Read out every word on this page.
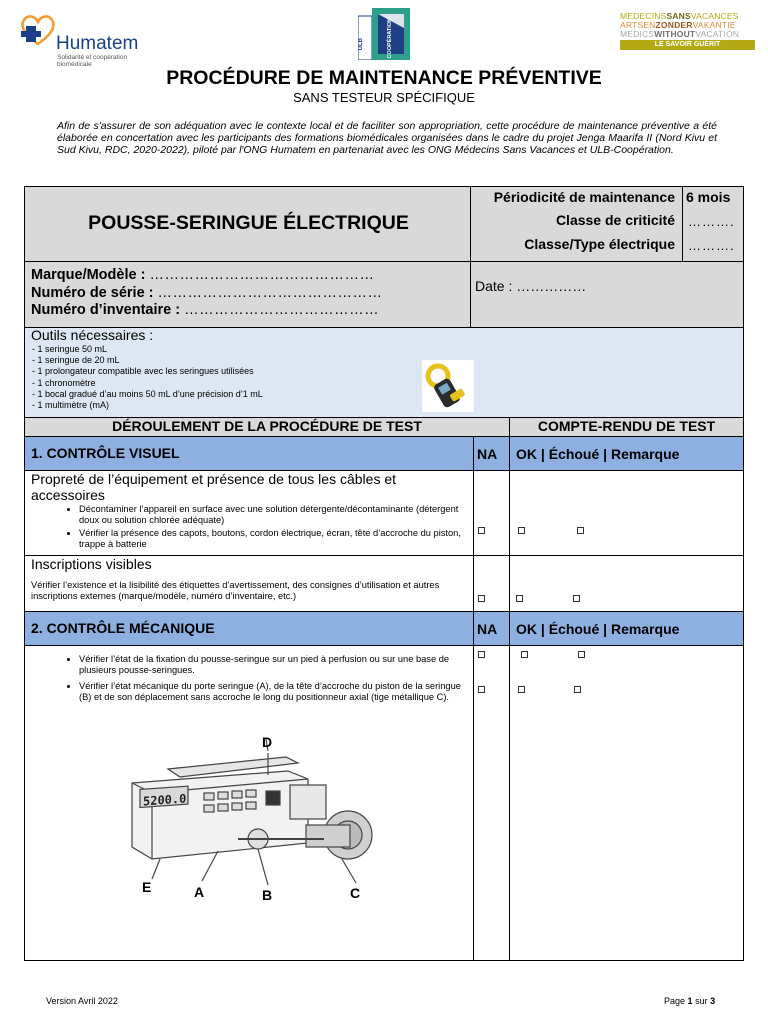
Humatem
Solidarité et coopération biomédicale
ULB	COOPÉRATION
MEDECINSSANSVACANCES
ARTSENZONDERVAKANTIE
MEDICSWITHOUTVACATION
LE SAVOIR GUÉRIT
PROCÉDURE DE MAINTENANCE PRÉVENTIVE
SANS TESTEUR SPÉCIFIQUE
Afin de s'assurer de son adéquation avec le contexte local et de faciliter son appropriation, cette procédure de maintenance préventive a été élaborée en concertation avec les participants des formations biomédicales organisées dans le cadre du projet Jenga Maarifa II (Nord Kivu et Sud Kivu, RDC, 2020-2022), piloté par l'ONG Humatem en partenariat avec les ONG Médecins Sans Vacances et ULB-Coopération.
POUSSE-SERINGUE ÉLECTRIQUE
Périodicité de maintenance 6 mois
Classe de criticité ……….
Classe/Type électrique ……….
Marque/Modèle : ………………………………………
Numéro de série : ………………………………………
Numéro d’inventaire : …………………………………
Date : ……………
Outils nécessaires :
- 1 seringue 50 mL
- 1 seringue de 20 mL
- 1 prolongateur compatible avec les seringues utilisées
- 1 chronomètre
- 1 bocal gradué d’au moins 50 mL d’une précision d’1 mL
- 1 multimètre (mA)
DÉROULEMENT DE LA PROCÉDURE DE TEST	COMPTE-RENDU DE TEST
1. CONTRÔLE VISUEL	NA OK | Échoué | Remarque
Propreté de l’équipement et présence de tous les câbles et accessoires
• Décontaminer l’appareil en surface avec une solution détergente/décontaminante (détergent doux ou solution chlorée adéquate)
• Vérifier la présence des capots, boutons, cordon électrique, écran, tête d’accroche du piston, trappe à batterie
Inscriptions visibles
Vérifier l’existence et la lisibilité des étiquettes d’avertissement, des consignes d’utilisation et autres inscriptions externes (marque/modèle, numéro d’inventaire, etc.)
2. CONTRÔLE MÉCANIQUE	NA OK | Échoué | Remarque
• Vérifier l’état de la fixation du pousse-seringue sur un pied à perfusion ou sur une base de plusieurs pousse-seringues.
• Vérifier l’état mécanique du porte seringue (A), de la tête d’accroche du piston de la seringue (B) et de son déplacement sans accroche le long du positionneur axial (tige métallique C).
5200.0
D
E	A	B	C
Version Avril 2022	Page 1 sur 3
